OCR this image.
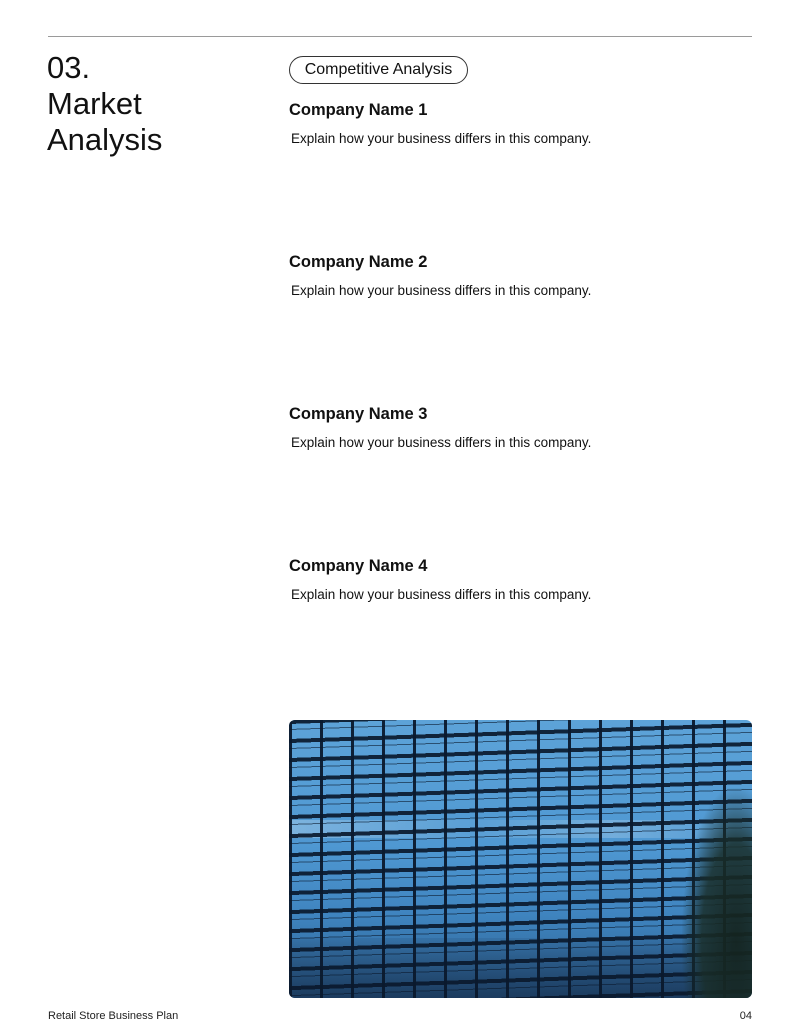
03.
Market
Analysis
Competitive Analysis
Company Name 1

Explain how your business differs in this company.

Company Name 2

Explain how your business differs in this company.

Company Name 3

Explain how your business differs in this company.

Company Name 4

Explain how your business differs in this company.

Retail Store Business Plan	04
